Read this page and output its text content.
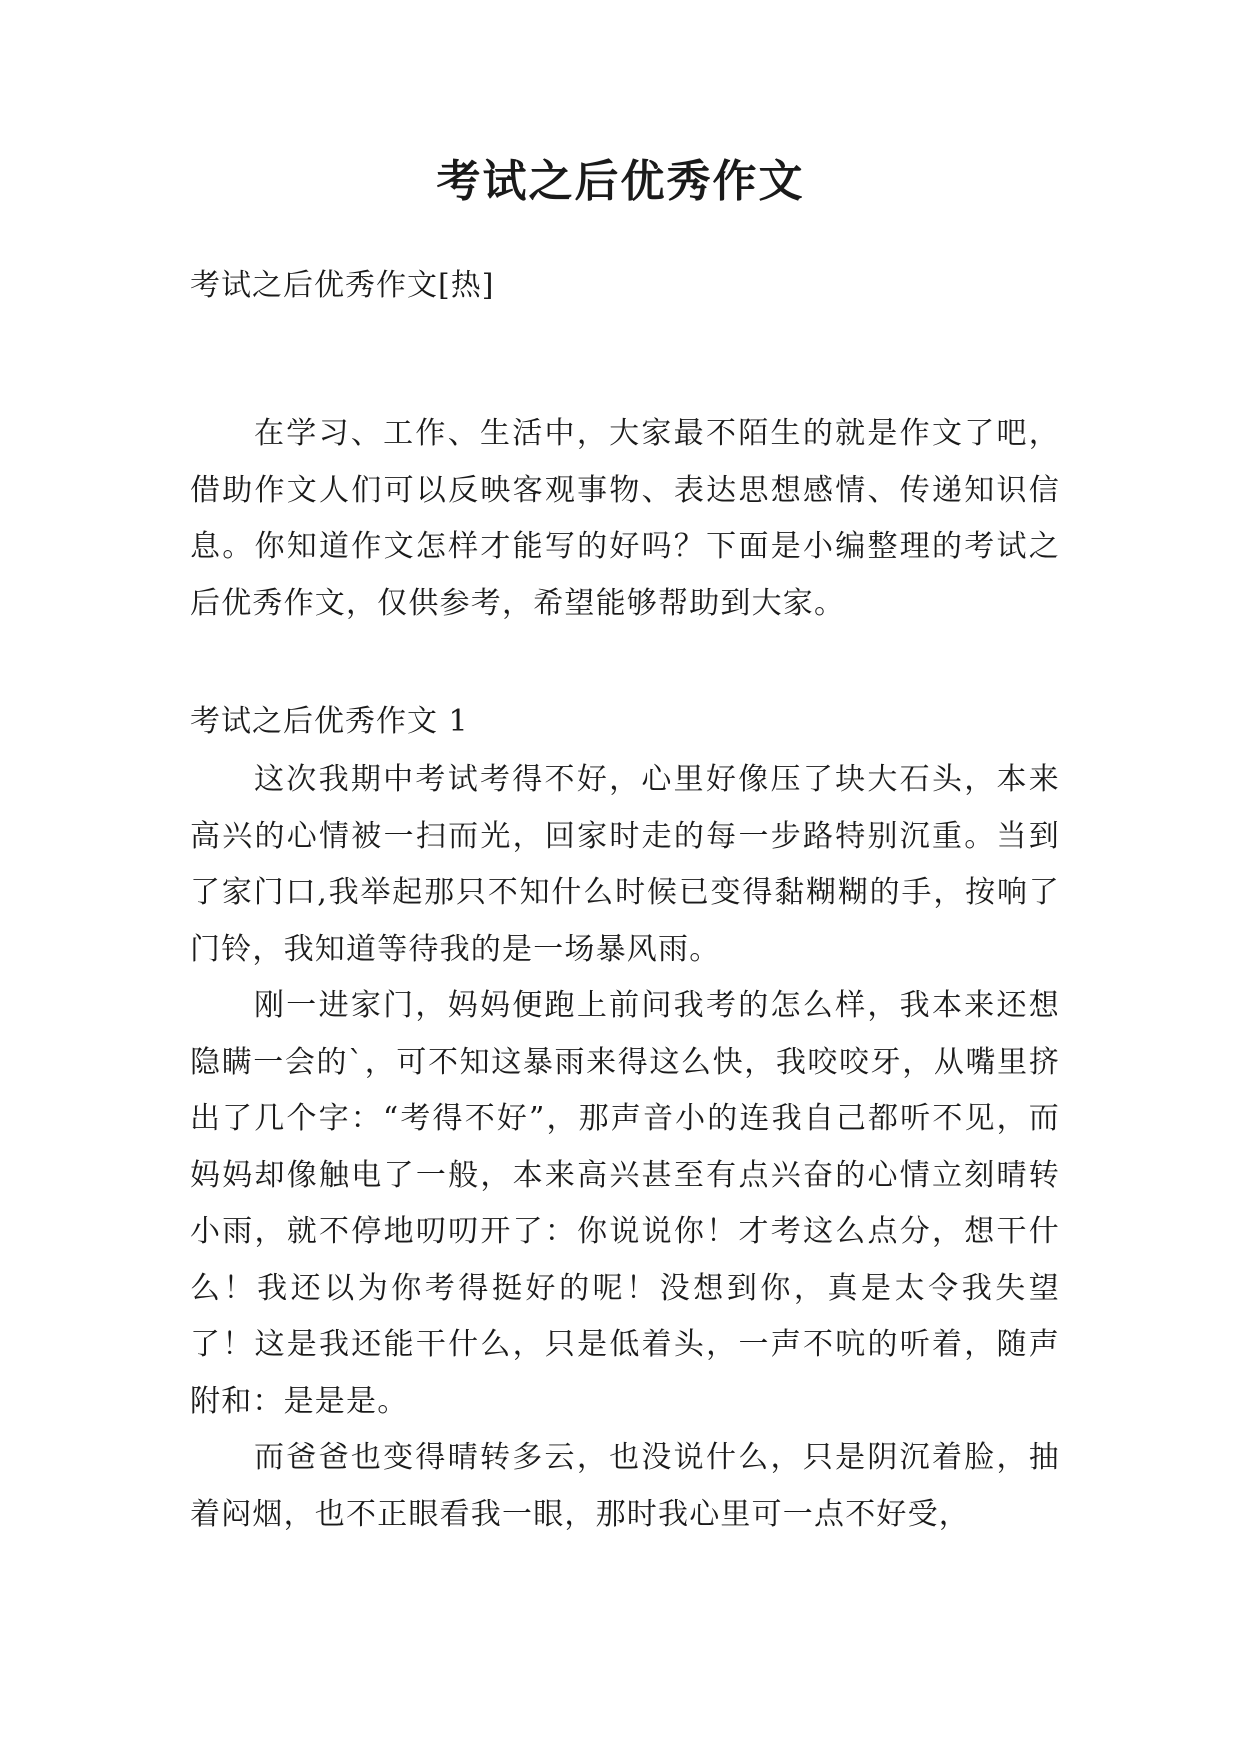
考试之后优秀作文

考试之后优秀作文[热]

在学习、工作、生活中，大家最不陌生的就是作文了吧，借助作文人们可以反映客观事物、表达思想感情、传递知识信息。你知道作文怎样才能写的好吗？下面是小编整理的考试之后优秀作文，仅供参考，希望能够帮助到大家。

考试之后优秀作文 1

这次我期中考试考得不好，心里好像压了块大石头，本来高兴的心情被一扫而光，回家时走的每一步路特别沉重。当到了家门口,我举起那只不知什么时候已变得黏糊糊的手，按响了门铃，我知道等待我的是一场暴风雨。

刚一进家门，妈妈便跑上前问我考的怎么样，我本来还想隐瞒一会的`，可不知这暴雨来得这么快，我咬咬牙，从嘴里挤出了几个字：“考得不好”，那声音小的连我自己都听不见，而妈妈却像触电了一般，本来高兴甚至有点兴奋的心情立刻晴转小雨，就不停地叨叨开了：你说说你！才考这么点分，想干什么！我还以为你考得挺好的呢！没想到你，真是太令我失望了！这是我还能干什么，只是低着头，一声不吭的听着，随声附和：是是是。

而爸爸也变得晴转多云，也没说什么，只是阴沉着脸，抽着闷烟，也不正眼看我一眼，那时我心里可一点不好受，
